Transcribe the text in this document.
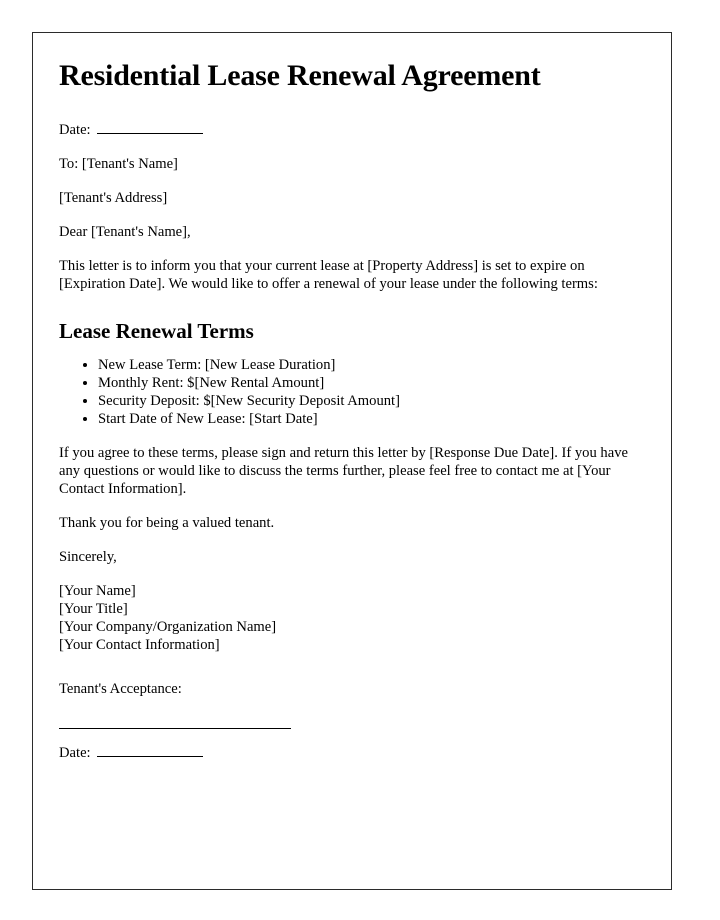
Residential Lease Renewal Agreement

Date:

To: [Tenant's Name]

[Tenant's Address]

Dear [Tenant's Name],

This letter is to inform you that your current lease at [Property Address] is set to expire on [Expiration Date]. We would like to offer a renewal of your lease under the following terms:

Lease Renewal Terms
• New Lease Term: [New Lease Duration]
• Monthly Rent: $[New Rental Amount]
• Security Deposit: $[New Security Deposit Amount]
• Start Date of New Lease: [Start Date]

If you agree to these terms, please sign and return this letter by [Response Due Date]. If you have any questions or would like to discuss the terms further, please feel free to contact me at [Your Contact Information].

Thank you for being a valued tenant.

Sincerely,

[Your Name]
[Your Title]
[Your Company/Organization Name]
[Your Contact Information]

Tenant's Acceptance:

Date:
